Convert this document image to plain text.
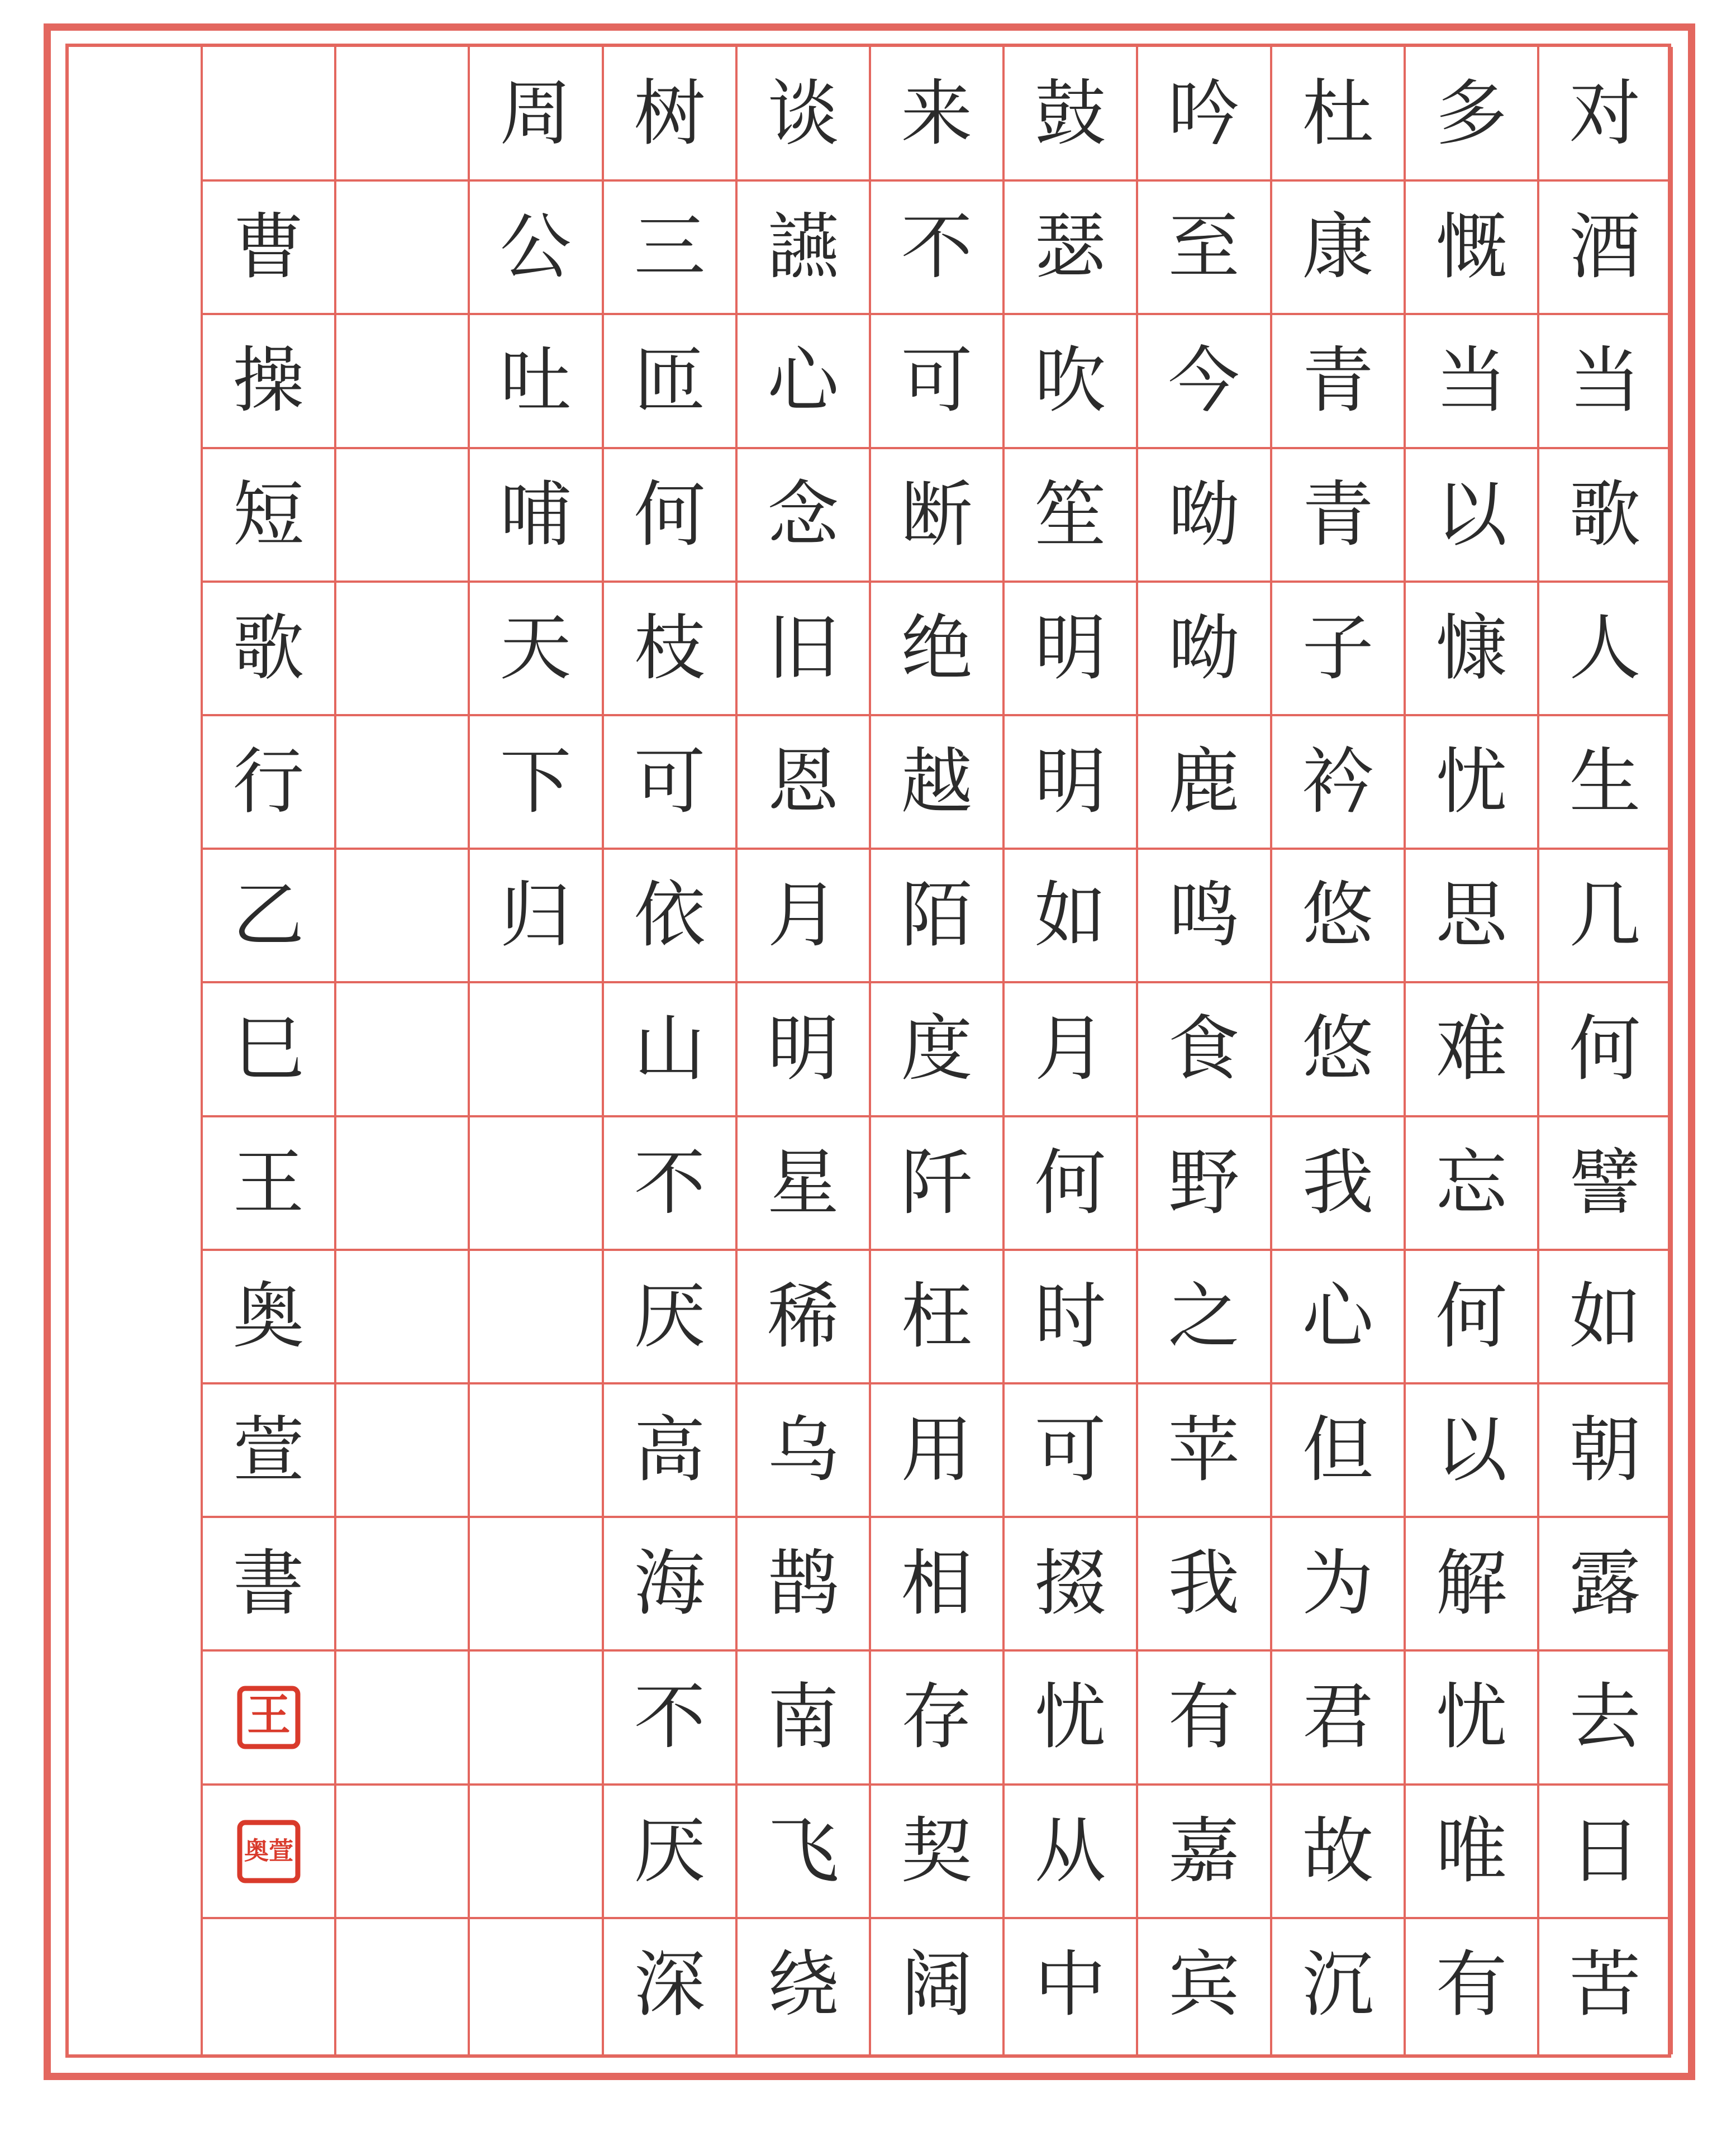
对
酒
当
歌
人
生
几
何
譬
如
朝
露
去
日
苦
多
慨
当
以
慷
忧
思
难
忘
何
以
解
忧
唯
有
杜
康
青
青
子
衿
悠
悠
我
心
但
为
君
故
沉
吟
至
今
呦
呦
鹿
鸣
食
野
之
苹
我
有
嘉
宾
鼓
瑟
吹
笙
明
明
如
月
何
时
可
掇
忧
从
中
来
不
可
断
绝
越
陌
度
阡
枉
用
相
存
契
阔
谈
讌
心
念
旧
恩
月
明
星
稀
乌
鹊
南
飞
绕
树
三
匝
何
枝
可
依
山
不
厌
高
海
不
厌
深
周
公
吐
哺
天
下
归
曹
操
短
歌
行
乙
巳
王
奥
萱
書
王
奥萱
